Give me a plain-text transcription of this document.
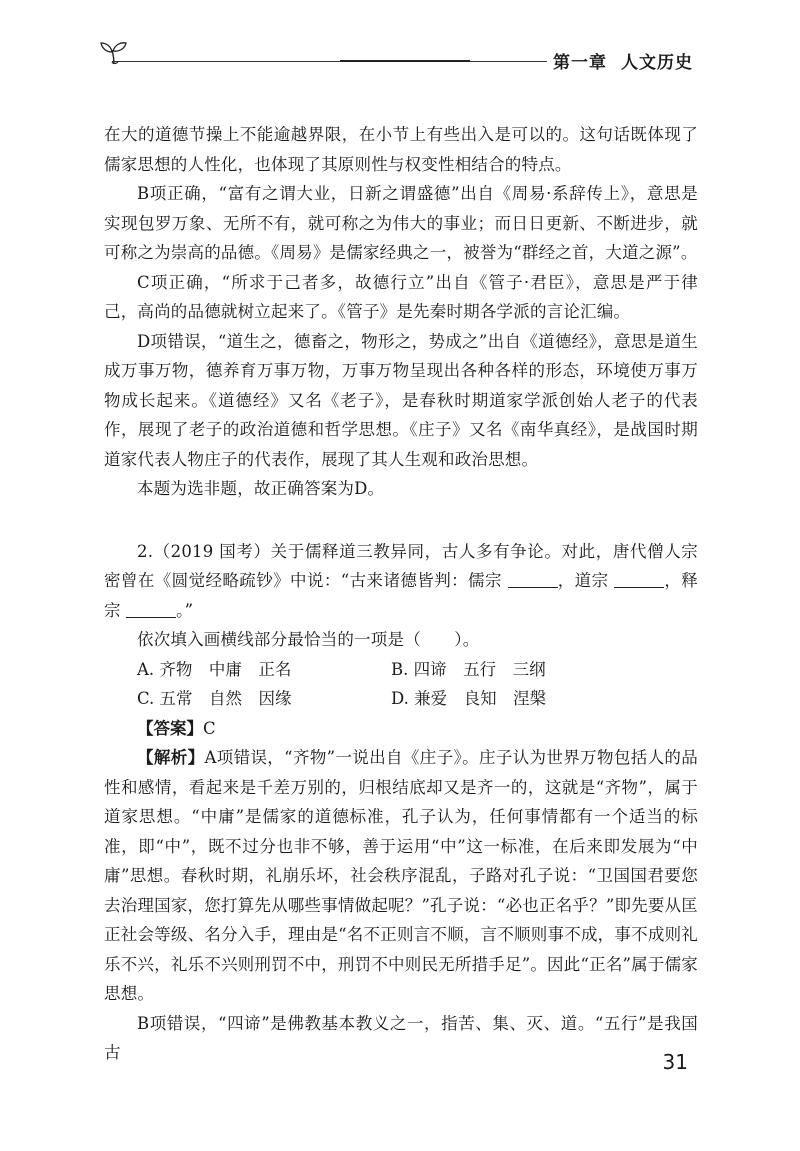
第一章 人文历史

在大的道德节操上不能逾越界限，在小节上有些出入是可以的。这句话既体现了儒家思想的人性化，也体现了其原则性与权变性相结合的特点。

B项正确，“富有之谓大业，日新之谓盛德”出自《周易·系辞传上》，意思是实现包罗万象、无所不有，就可称之为伟大的事业；而日日更新、不断进步，就可称之为崇高的品德。《周易》是儒家经典之一，被誉为“群经之首，大道之源”。

C项正确，“所求于己者多，故德行立”出自《管子·君臣》，意思是严于律己，高尚的品德就树立起来了。《管子》是先秦时期各学派的言论汇编。

D项错误，“道生之，德畜之，物形之，势成之”出自《道德经》，意思是道生成万事万物，德养育万事万物，万事万物呈现出各种各样的形态，环境使万事万物成长起来。《道德经》又名《老子》，是春秋时期道家学派创始人老子的代表作，展现了老子的政治道德和哲学思想。《庄子》又名《南华真经》，是战国时期道家代表人物庄子的代表作，展现了其人生观和政治思想。

本题为选非题，故正确答案为D。

2.（2019 国考）关于儒释道三教异同，古人多有争论。对此，唐代僧人宗密曾在《圆觉经略疏钞》中说：“古来诸德皆判：儒宗	，道宗	，释宗	。”

依次填入画横线部分最恰当的一项是（　　）。

A. 齐物　中庸　正名	B. 四谛　五行　三纲
C. 五常　自然　因缘	D. 兼爱　良知　涅槃
【答案】 C

【解析】A项错误，“齐物”一说出自《庄子》。庄子认为世界万物包括人的品性和感情，看起来是千差万别的，归根结底却又是齐一的，这就是“齐物”，属于道家思想。“中庸”是儒家的道德标准，孔子认为，任何事情都有一个适当的标准，即“中”，既不过分也非不够，善于运用“中”这一标准，在后来即发展为“中庸”思想。春秋时期，礼崩乐坏，社会秩序混乱，子路对孔子说：“卫国国君要您去治理国家，您打算先从哪些事情做起呢？”孔子说：“必也正名乎？”即先要从匡正社会等级、名分入手，理由是“名不正则言不顺，言不顺则事不成，事不成则礼乐不兴，礼乐不兴则刑罚不中，刑罚不中则民无所措手足”。因此“正名”属于儒家思想。

B项错误，“四谛”是佛教基本教义之一，指苦、集、灭、道。“五行”是我国古	31
